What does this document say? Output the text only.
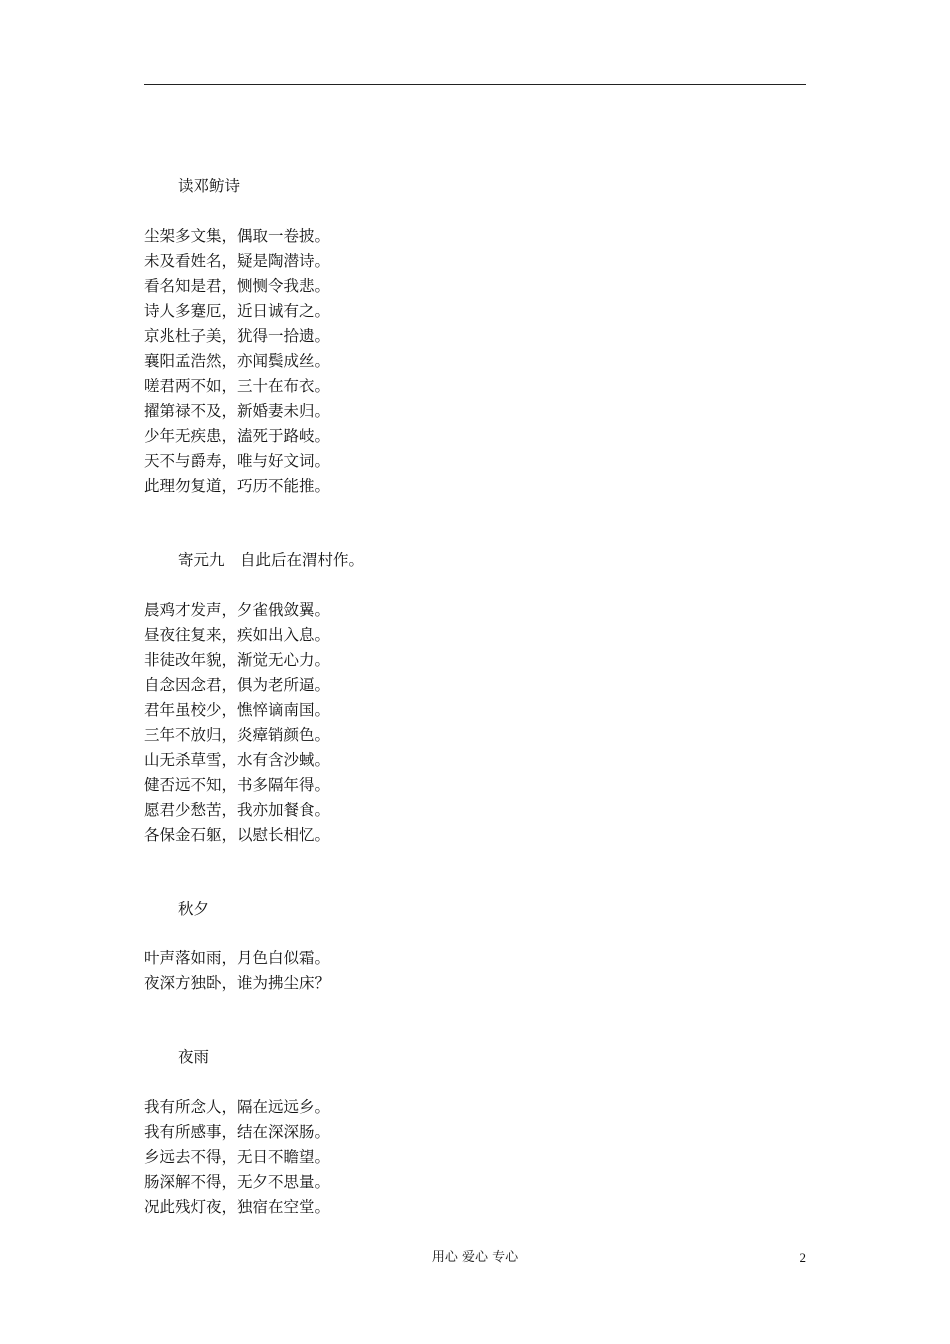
读邓鲂诗
尘架多文集，偶取一卷披。
未及看姓名，疑是陶潜诗。
看名知是君，恻恻令我悲。
诗人多蹇厄，近日诚有之。
京兆杜子美，犹得一拾遗。
襄阳孟浩然，亦闻鬓成丝。
嗟君两不如，三十在布衣。
擢第禄不及，新婚妻未归。
少年无疾患，溘死于路岐。
天不与爵寿，唯与好文词。
此理勿复道，巧历不能推。
寄元九　自此后在渭村作。
晨鸡才发声，夕雀俄敛翼。
昼夜往复来，疾如出入息。
非徒改年貌，渐觉无心力。
自念因念君，俱为老所逼。
君年虽校少，憔悴谪南国。
三年不放归，炎瘴销颜色。
山无杀草雪，水有含沙蜮。
健否远不知，书多隔年得。
愿君少愁苦，我亦加餐食。
各保金石躯，以慰长相忆。
秋夕
叶声落如雨，月色白似霜。
夜深方独卧，谁为拂尘床？
夜雨
我有所念人，隔在远远乡。
我有所感事，结在深深肠。
乡远去不得，无日不瞻望。
肠深解不得，无夕不思量。
况此残灯夜，独宿在空堂。
用心 爱心 专心	2
